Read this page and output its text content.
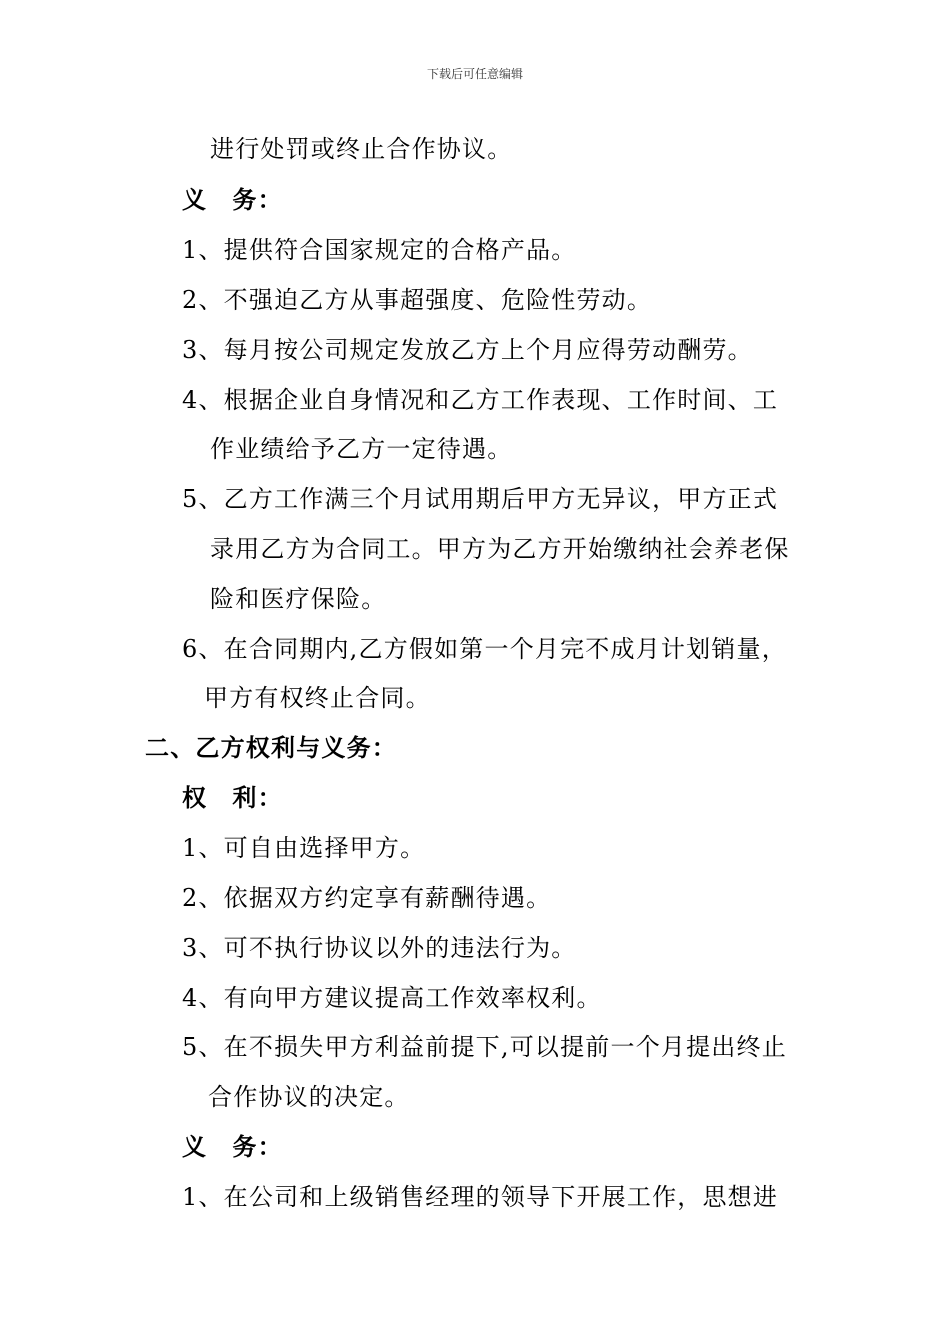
下载后可任意编辑
进行处罚或终止合作协议。
义　务：
1、提供符合国家规定的合格产品。
2、不强迫乙方从事超强度、危险性劳动。
3、每月按公司规定发放乙方上个月应得劳动酬劳。
4、根据企业自身情况和乙方工作表现、工作时间、工
作业绩给予乙方一定待遇。
5、乙方工作满三个月试用期后甲方无异议，甲方正式
录用乙方为合同工。甲方为乙方开始缴纳社会养老保
险和医疗保险。
6、在合同期内,乙方假如第一个月完不成月计划销量，
甲方有权终止合同。
二、乙方权利与义务：
权　利：
1、可自由选择甲方。
2、依据双方约定享有薪酬待遇。
3、可不执行协议以外的违法行为。
4、有向甲方建议提高工作效率权利。
5、在不损失甲方利益前提下,可以提前一个月提出终止
合作协议的决定。
义　务：
1、在公司和上级销售经理的领导下开展工作，思想进
